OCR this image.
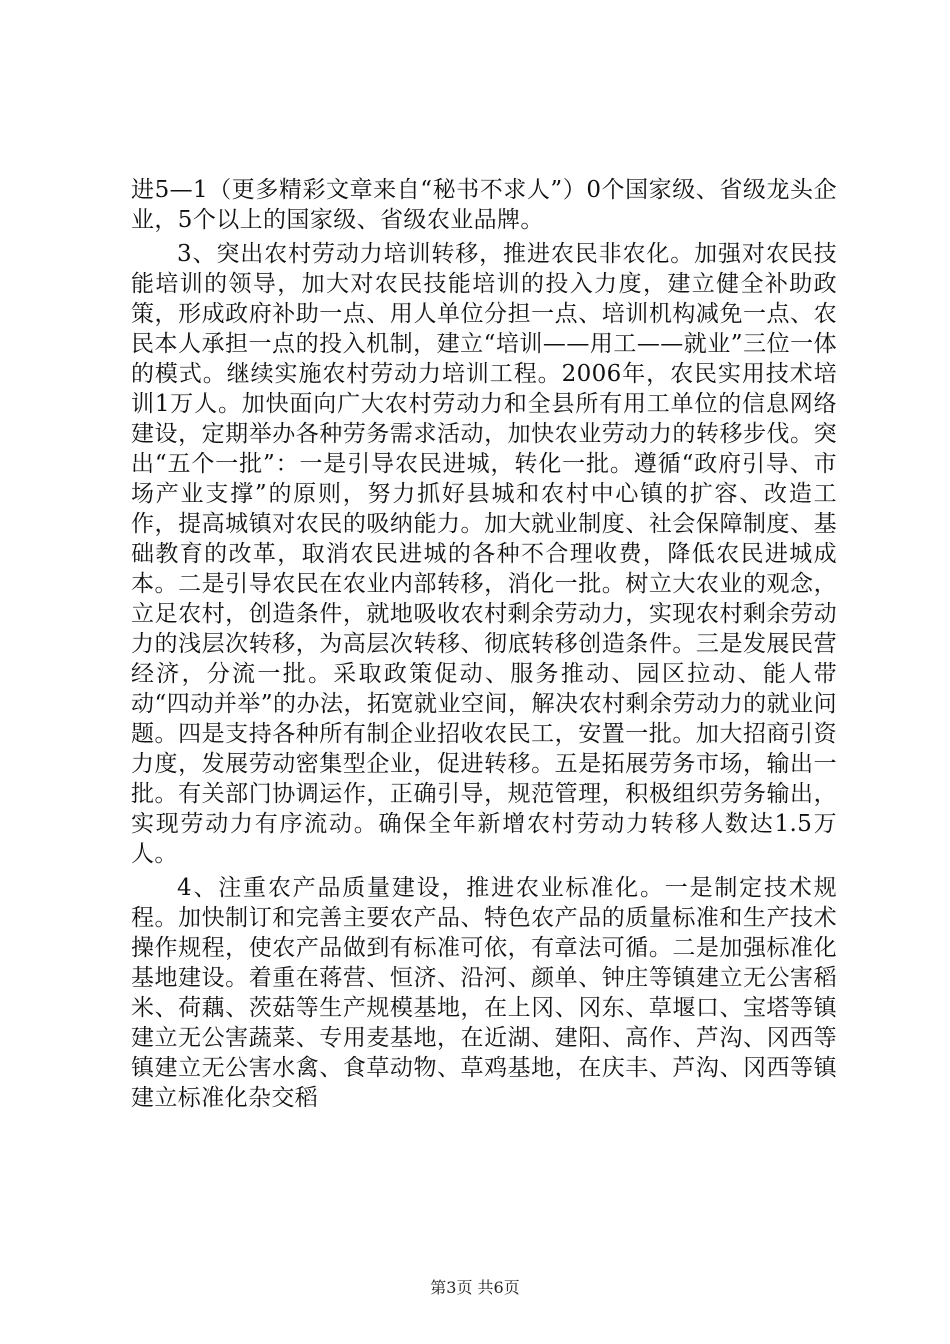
进5—1（更多精彩文章来自“秘书不求人”）0个国家级、省级龙头企业，5个以上的国家级、省级农业品牌。

3、突出农村劳动力培训转移，推进农民非农化。加强对农民技能培训的领导，加大对农民技能培训的投入力度，建立健全补助政策，形成政府补助一点、用人单位分担一点、培训机构减免一点、农民本人承担一点的投入机制，建立“培训——用工——就业”三位一体的模式。继续实施农村劳动力培训工程。2006年，农民实用技术培训1万人。加快面向广大农村劳动力和全县所有用工单位的信息网络建设，定期举办各种劳务需求活动，加快农业劳动力的转移步伐。突出“五个一批”：一是引导农民进城，转化一批。遵循“政府引导、市场产业支撑”的原则，努力抓好县城和农村中心镇的扩容、改造工作，提高城镇对农民的吸纳能力。加大就业制度、社会保障制度、基础教育的改革，取消农民进城的各种不合理收费，降低农民进城成本。二是引导农民在农业内部转移，消化一批。树立大农业的观念，立足农村，创造条件，就地吸收农村剩余劳动力，实现农村剩余劳动力的浅层次转移，为高层次转移、彻底转移创造条件。三是发展民营经济，分流一批。采取政策促动、服务推动、园区拉动、能人带动“四动并举”的办法，拓宽就业空间，解决农村剩余劳动力的就业问题。四是支持各种所有制企业招收农民工，安置一批。加大招商引资力度，发展劳动密集型企业，促进转移。五是拓展劳务市场，输出一批。有关部门协调运作，正确引导，规范管理，积极组织劳务输出，实现劳动力有序流动。确保全年新增农村劳动力转移人数达1.5万人。

4、注重农产品质量建设，推进农业标准化。一是制定技术规程。加快制订和完善主要农产品、特色农产品的质量标准和生产技术操作规程，使农产品做到有标准可依，有章法可循。二是加强标准化基地建设。着重在蒋营、恒济、沿河、颜单、钟庄等镇建立无公害稻米、荷藕、茨菇等生产规模基地，在上冈、冈东、草堰口、宝塔等镇建立无公害蔬菜、专用麦基地，在近湖、建阳、高作、芦沟、冈西等镇建立无公害水禽、食草动物、草鸡基地，在庆丰、芦沟、冈西等镇建立标准化杂交稻

第3页 共6页
